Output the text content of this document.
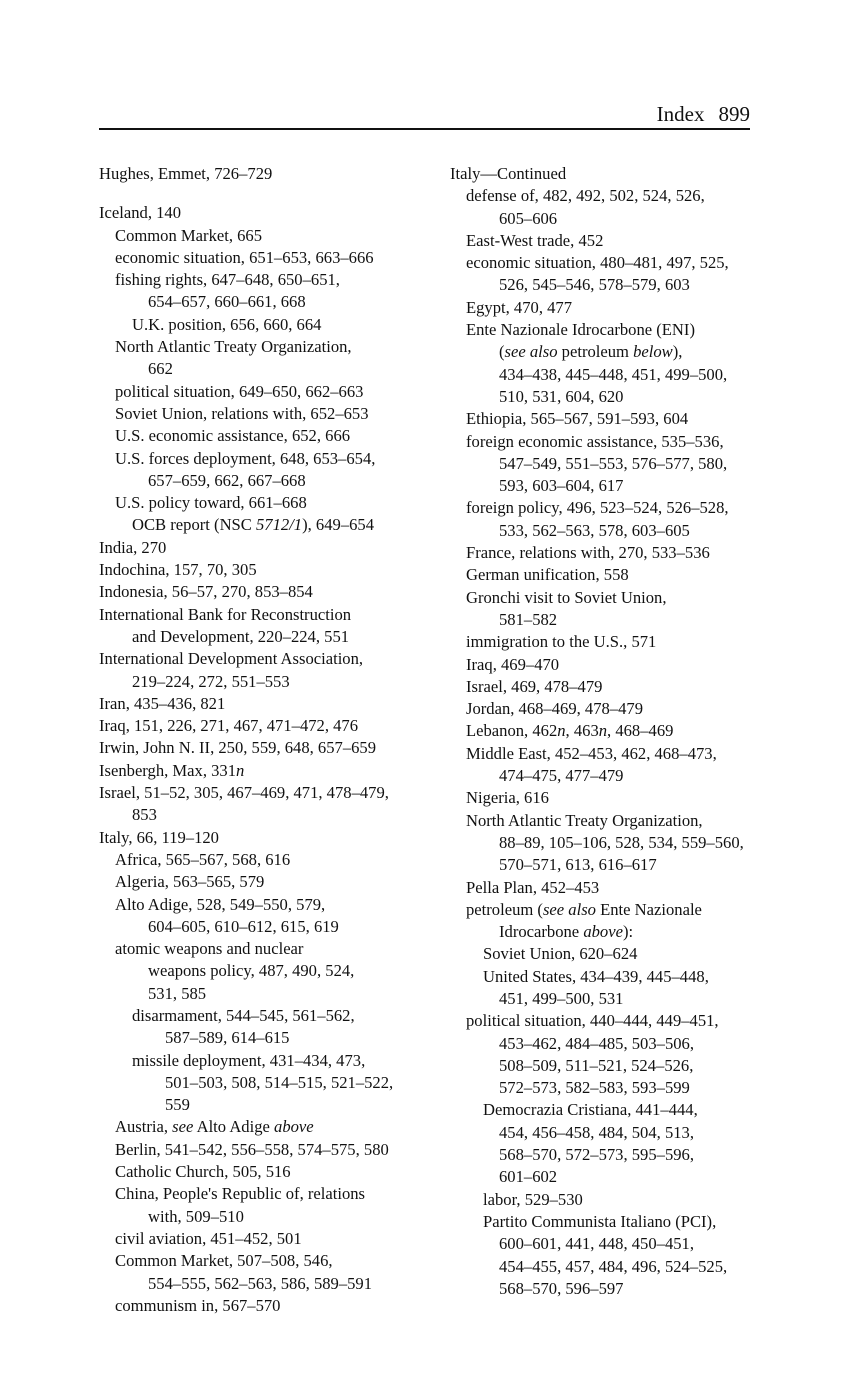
Index 899
Hughes, Emmet, 726–729
Iceland, 140
Common Market, 665
economic situation, 651–653, 663–666
fishing rights, 647–648, 650–651,
654–657, 660–661, 668
U.K. position, 656, 660, 664
North Atlantic Treaty Organization,
662
political situation, 649–650, 662–663
Soviet Union, relations with, 652–653
U.S. economic assistance, 652, 666
U.S. forces deployment, 648, 653–654,
657–659, 662, 667–668
U.S. policy toward, 661–668
OCB report (NSC 5712/1), 649–654
India, 270
Indochina, 157, 70, 305
Indonesia, 56–57, 270, 853–854
International Bank for Reconstruction
and Development, 220–224, 551
International Development Association,
219–224, 272, 551–553
Iran, 435–436, 821
Iraq, 151, 226, 271, 467, 471–472, 476
Irwin, John N. II, 250, 559, 648, 657–659
Isenbergh, Max, 331n
Israel, 51–52, 305, 467–469, 471, 478–479,
853
Italy, 66, 119–120
Africa, 565–567, 568, 616
Algeria, 563–565, 579
Alto Adige, 528, 549–550, 579,
604–605, 610–612, 615, 619
atomic weapons and nuclear
weapons policy, 487, 490, 524,
531, 585
disarmament, 544–545, 561–562,
587–589, 614–615
missile deployment, 431–434, 473,
501–503, 508, 514–515, 521–522,
559
Austria, see Alto Adige above
Berlin, 541–542, 556–558, 574–575, 580
Catholic Church, 505, 516
China, People's Republic of, relations
with, 509–510
civil aviation, 451–452, 501
Common Market, 507–508, 546,
554–555, 562–563, 586, 589–591
communism in, 567–570
Italy—Continued
defense of, 482, 492, 502, 524, 526,
605–606
East-West trade, 452
economic situation, 480–481, 497, 525,
526, 545–546, 578–579, 603
Egypt, 470, 477
Ente Nazionale Idrocarbone (ENI)
(see also petroleum below),
434–438, 445–448, 451, 499–500,
510, 531, 604, 620
Ethiopia, 565–567, 591–593, 604
foreign economic assistance, 535–536,
547–549, 551–553, 576–577, 580,
593, 603–604, 617
foreign policy, 496, 523–524, 526–528,
533, 562–563, 578, 603–605
France, relations with, 270, 533–536
German unification, 558
Gronchi visit to Soviet Union,
581–582
immigration to the U.S., 571
Iraq, 469–470
Israel, 469, 478–479
Jordan, 468–469, 478–479
Lebanon, 462n, 463n, 468–469
Middle East, 452–453, 462, 468–473,
474–475, 477–479
Nigeria, 616
North Atlantic Treaty Organization,
88–89, 105–106, 528, 534, 559–560,
570–571, 613, 616–617
Pella Plan, 452–453
petroleum (see also Ente Nazionale
Idrocarbone above):
Soviet Union, 620–624
United States, 434–439, 445–448,
451, 499–500, 531
political situation, 440–444, 449–451,
453–462, 484–485, 503–506,
508–509, 511–521, 524–526,
572–573, 582–583, 593–599
Democrazia Cristiana, 441–444,
454, 456–458, 484, 504, 513,
568–570, 572–573, 595–596,
601–602
labor, 529–530
Partito Communista Italiano (PCI),
600–601, 441, 448, 450–451,
454–455, 457, 484, 496, 524–525,
568–570, 596–597
